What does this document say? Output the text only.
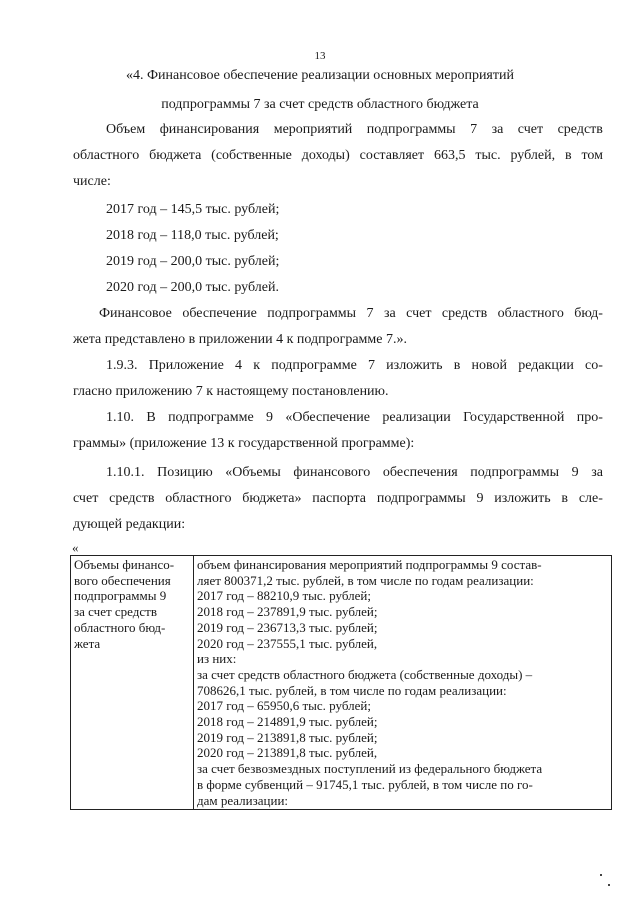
13
«4. Финансовое обеспечение реализации основных мероприятий
подпрограммы 7 за счет средств областного бюджета
Объем финансирования мероприятий подпрограммы 7 за счет средств
областного бюджета (собственные доходы) составляет 663,5 тыс. рублей, в том
числе:
2017 год – 145,5 тыс. рублей;
2018 год – 118,0 тыс. рублей;
2019 год – 200,0 тыс. рублей;
2020 год – 200,0 тыс. рублей.
Финансовое обеспечение подпрограммы 7 за счет средств областного бюд-
жета представлено в приложении 4 к подпрограмме 7.».
1.9.3. Приложение 4 к подпрограмме 7 изложить в новой редакции со-
гласно приложению 7 к настоящему постановлению.
1.10. В подпрограмме 9 «Обеспечение реализации Государственной про-
граммы» (приложение 13 к государственной программе):
1.10.1. Позицию «Объемы финансового обеспечения подпрограммы 9 за
счет средств областного бюджета» паспорта подпрограммы 9 изложить в сле-
дующей редакции:
«
Объемы финансо-
вого обеспечения
подпрограммы 9
за счет средств
областного бюд-
жета

объем финансирования мероприятий подпрограммы 9 состав-
ляет 800371,2 тыс. рублей, в том числе по годам реализации:
2017 год – 88210,9 тыс. рублей;
2018 год – 237891,9 тыс. рублей;
2019 год – 236713,3 тыс. рублей;
2020 год – 237555,1 тыс. рублей,
из них:
за счет средств областного бюджета (собственные доходы) –
708626,1 тыс. рублей, в том числе по годам реализации:
2017 год – 65950,6 тыс. рублей;
2018 год – 214891,9 тыс. рублей;
2019 год – 213891,8 тыс. рублей;
2020 год – 213891,8 тыс. рублей,
за счет безвозмездных поступлений из федерального бюджета
в форме субвенций – 91745,1 тыс. рублей, в том числе по го-
дам реализации:
